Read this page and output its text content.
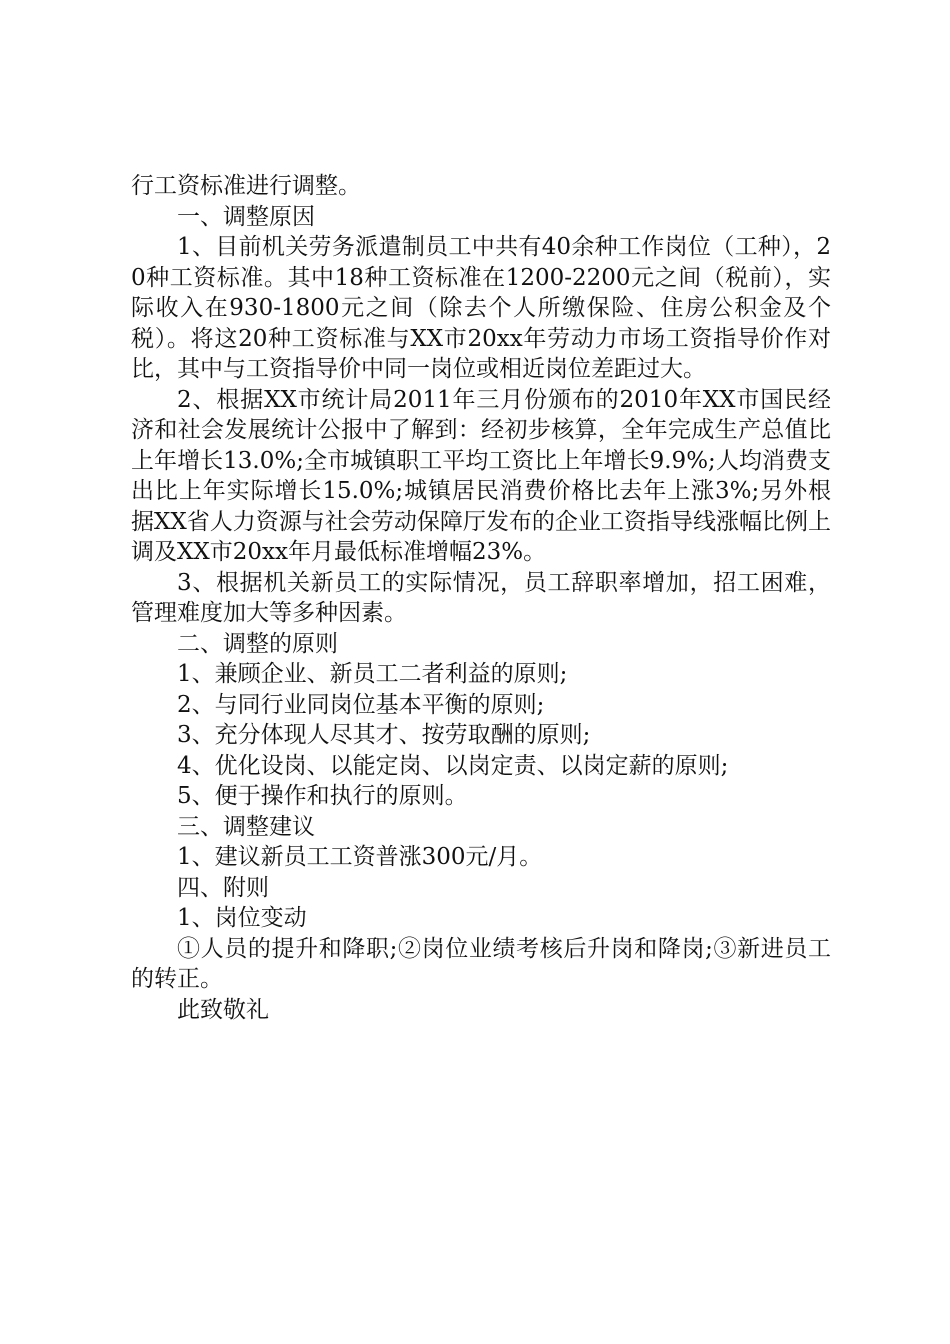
行工资标准进行调整。

一、调整原因

1、目前机关劳务派遣制员工中共有40余种工作岗位（工种），20种工资标准。其中18种工资标准在1200-2200元之间（税前），实际收入在930-1800元之间（除去个人所缴保险、住房公积金及个税）。将这20种工资标准与XX市20xx年劳动力市场工资指导价作对比，其中与工资指导价中同一岗位或相近岗位差距过大。

2、根据XX市统计局2011年三月份颁布的2010年XX市国民经济和社会发展统计公报中了解到：经初步核算，全年完成生产总值比上年增长13.0%;全市城镇职工平均工资比上年增长9.9%;人均消费支出比上年实际增长15.0%;城镇居民消费价格比去年上涨3%;另外根据XX省人力资源与社会劳动保障厅发布的企业工资指导线涨幅比例上调及XX市20xx年月最低标准增幅23%。

3、根据机关新员工的实际情况，员工辞职率增加，招工困难，管理难度加大等多种因素。

二、调整的原则

1、兼顾企业、新员工二者利益的原则;

2、与同行业同岗位基本平衡的原则;

3、充分体现人尽其才、按劳取酬的原则;

4、优化设岗、以能定岗、以岗定责、以岗定薪的原则;

5、便于操作和执行的原则。

三、调整建议

1、建议新员工工资普涨300元/月。

四、附则

1、岗位变动

①人员的提升和降职;②岗位业绩考核后升岗和降岗;③新进员工的转正。

此致敬礼
